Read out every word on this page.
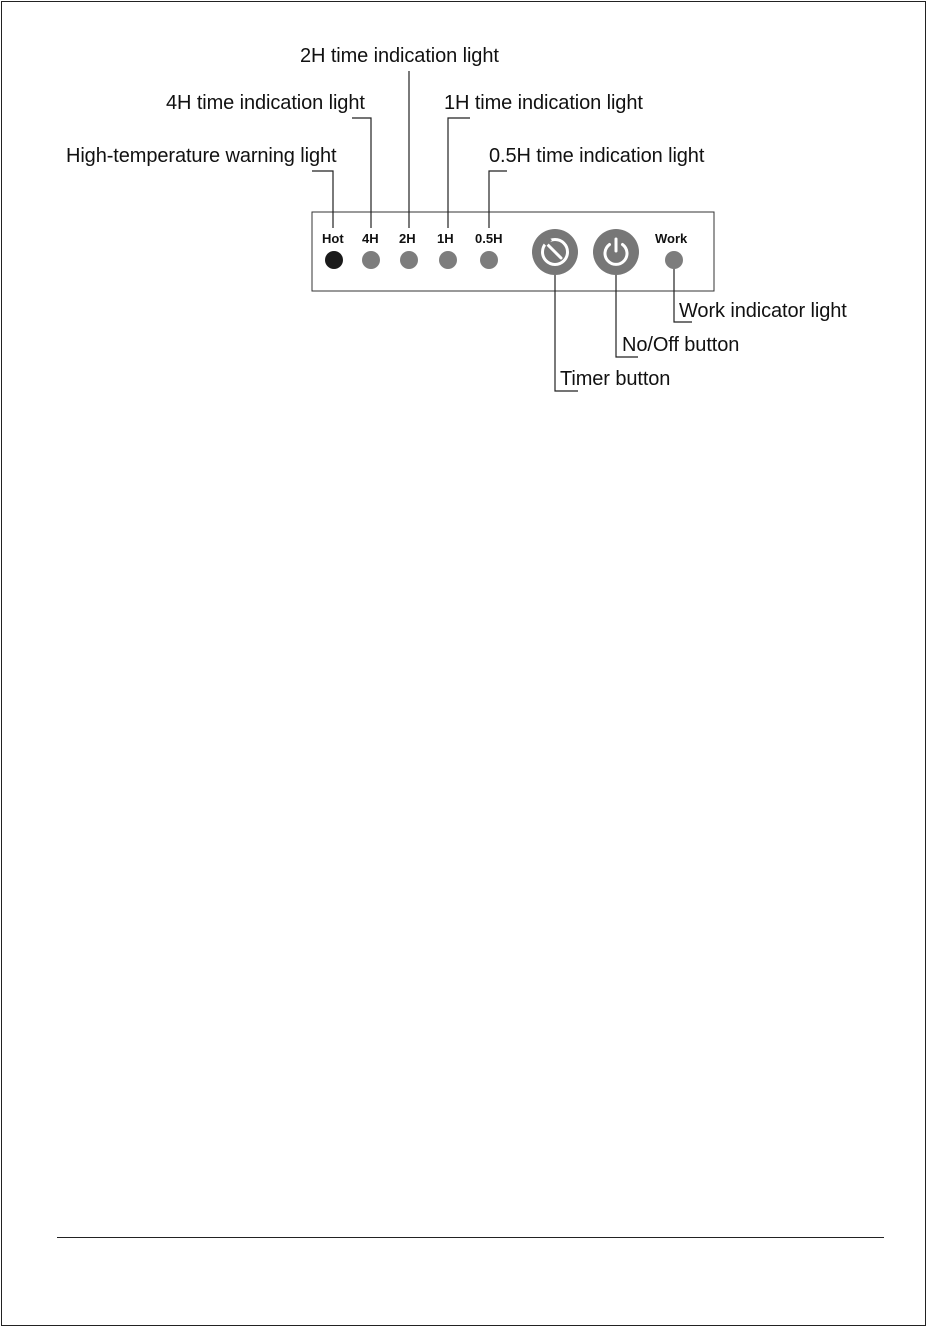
2H time indication light
4H time indication light	1H time indication light
High-temperature warning light	0.5H time indication light
Work indicator light
No/Off button
Timer button
Hot 4H 2H 1H 0.5H	Work
